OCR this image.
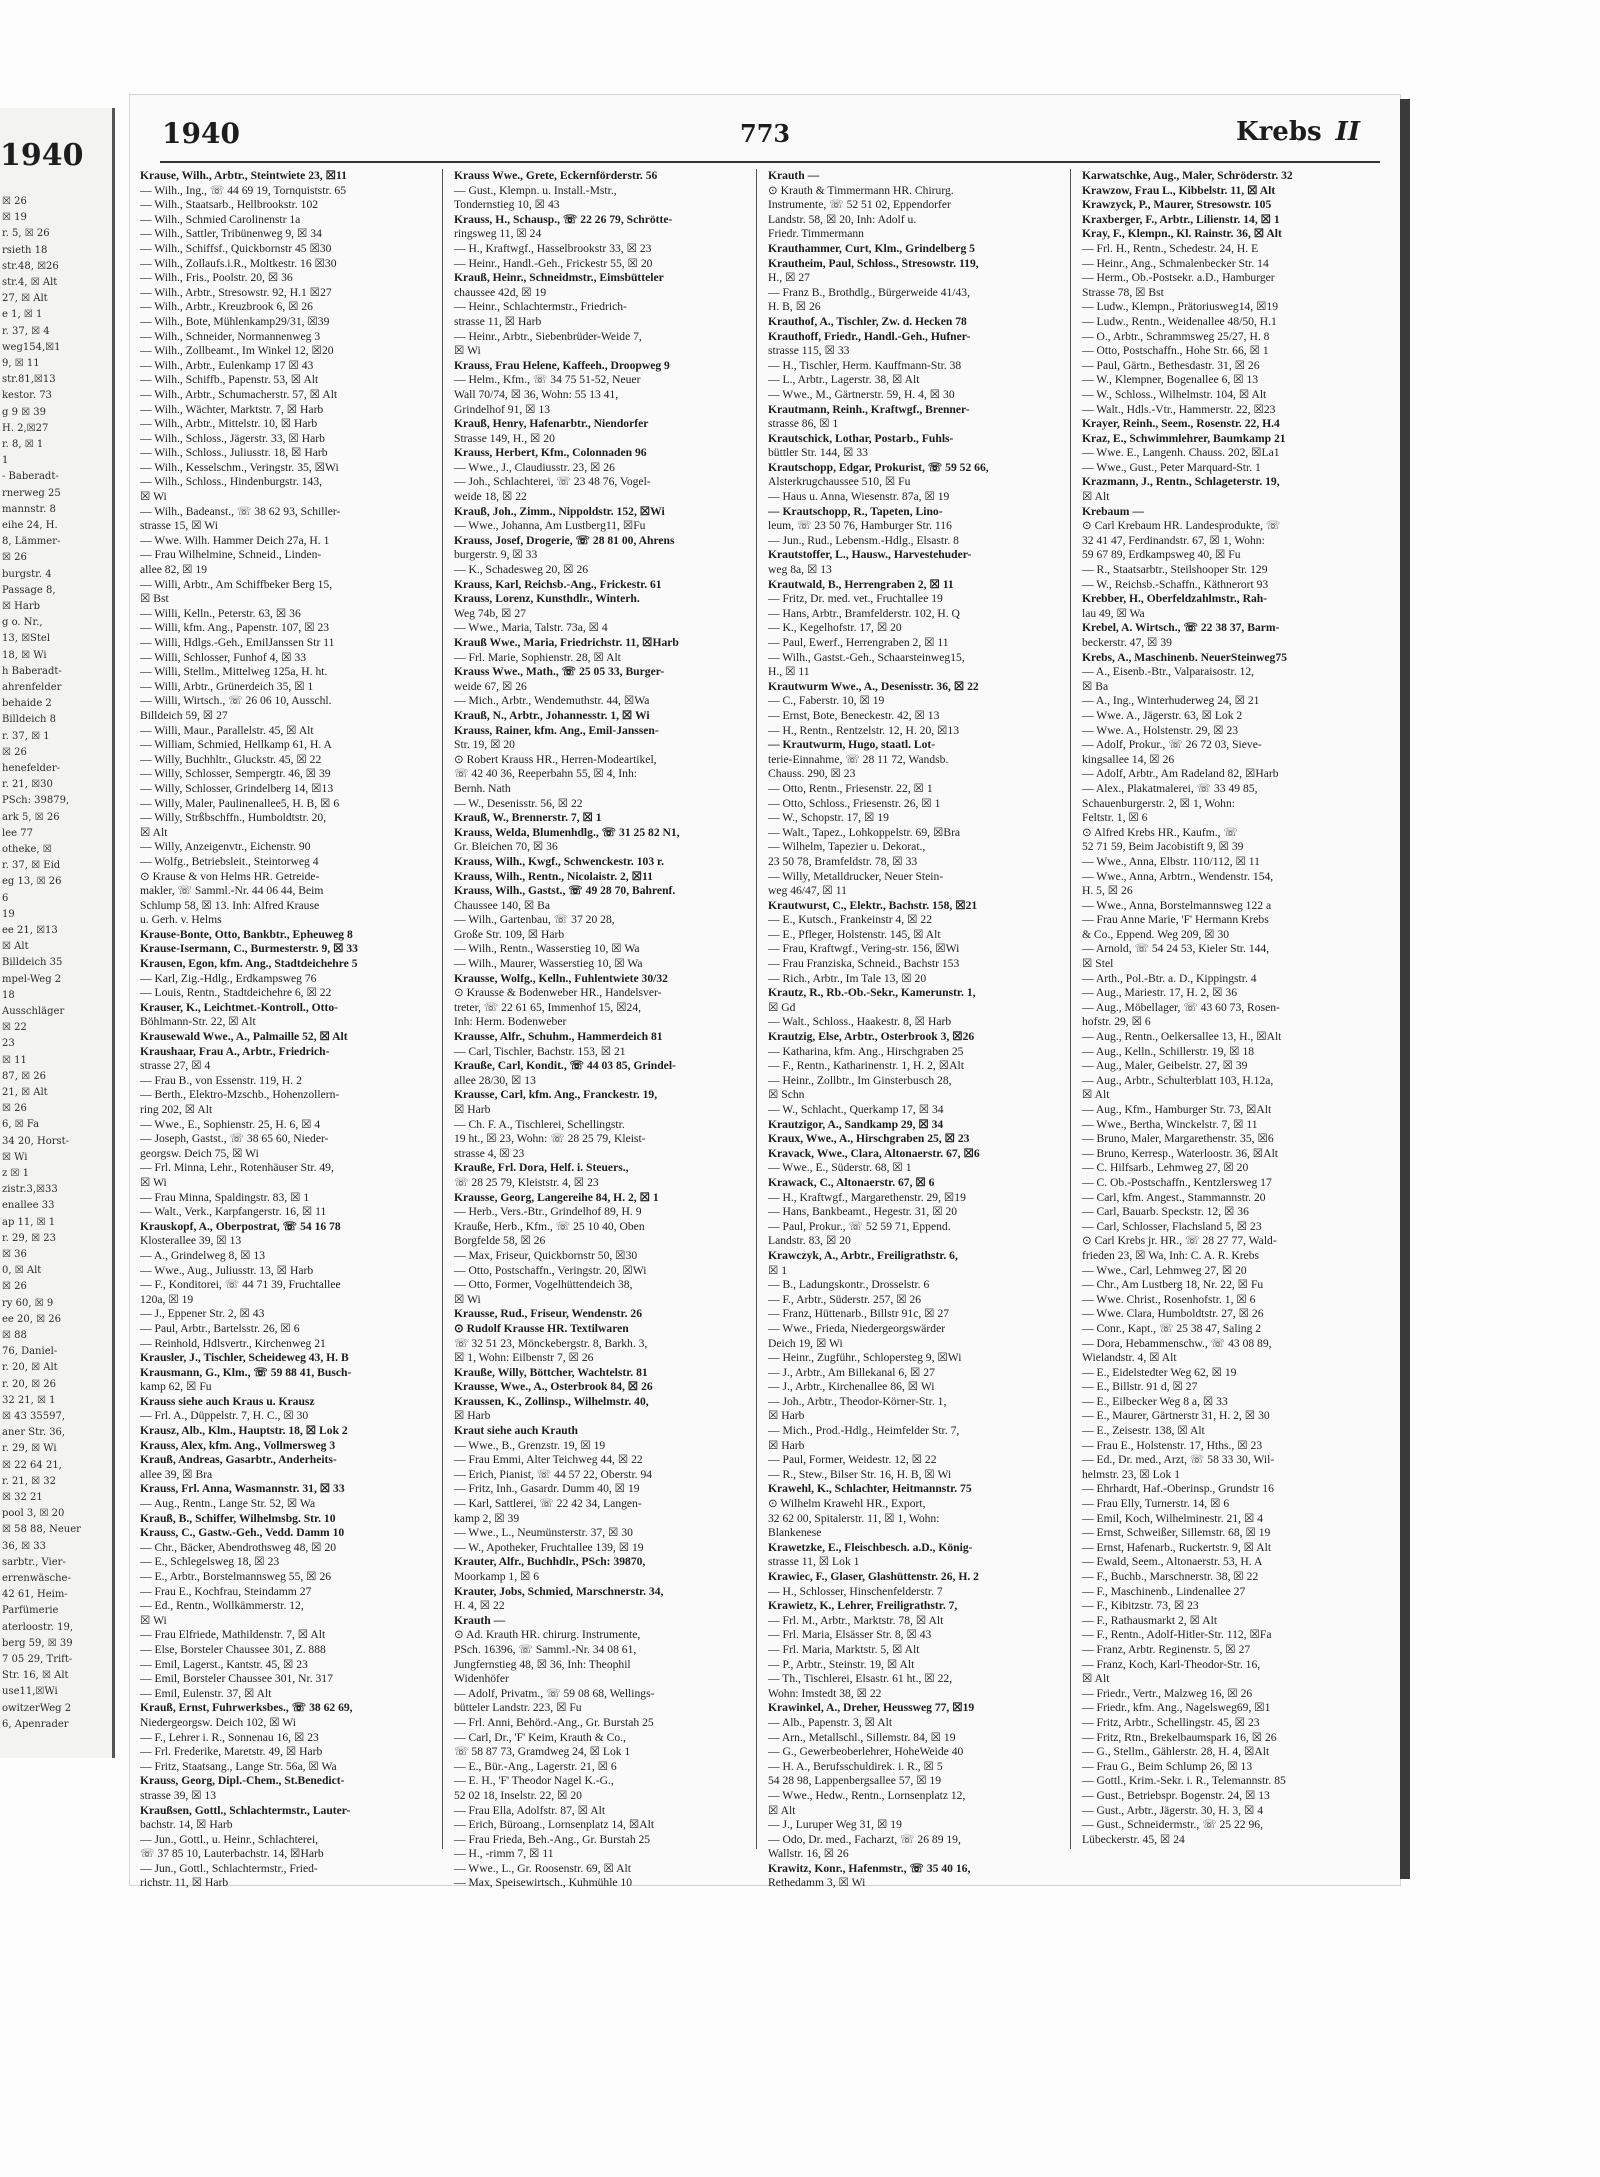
1940
☒ 26
☒ 19
r. 5, ☒ 26
rsieth 18
str.48, ☒26
str.4, ☒ Alt
27, ☒ Alt
e 1, ☒ 1
r. 37, ☒ 4
weg154,☒1
9, ☒ 11
str.81,☒13
kestor. 73
g 9 ☒ 39
H. 2,☒27
r. 8, ☒ 1
1
- Baberadt-
rnerweg 25
mannstr. 8
eihe 24, H.
8, Lämmer-
☒ 26
burgstr. 4
Passage 8,
☒ Harb
g o. Nr.,
13, ☒Stel
18, ☒ Wi
h Baberadt-
ahrenfelder
behaide 2
Billdeich 8
r. 37, ☒ 1
☒ 26
henefelder-
r. 21, ☒30
PSch: 39879,
ark 5, ☒ 26
lee 77
otheke, ☒
r. 37, ☒ Eid
eg 13, ☒ 26
6
19
ee 21, ☒13
☒ Alt
Billdeich 35
mpel-Weg 2
18
Ausschläger
☒ 22
23
☒ 11
87, ☒ 26
21, ☒ Alt
☒ 26
6, ☒ Fa
34 20, Horst-
☒ Wi
z ☒ 1
zistr.3,☒33
enallee 33
ap 11, ☒ 1
r. 29, ☒ 23
☒ 36
0, ☒ Alt
☒ 26
ry 60, ☒ 9
ee 20, ☒ 26
☒ 88
76, Daniel-
r. 20, ☒ Alt
r. 20, ☒ 26
32 21, ☒ 1
☒ 43 35597,
aner Str. 36,
r. 29, ☒ Wi
☒ 22 64 21,
r. 21, ☒ 32
☒ 32 21
pool 3, ☒ 20
☒ 58 88, Neuer
36, ☒ 33
sarbtr., Vier-
errenwäsche-
42 61, Heim-
Parfümerie
aterloostr. 19,
berg 59, ☒ 39
7 05 29, Trift-
Str. 16, ☒ Alt
use11,☒Wi
owitzerWeg 2
6, Apenrader
1940	773	Krebs II
Krause, Wilh., Arbtr., Steintwiete 23, ☒11
— Wilh., Ing., ☏ 44 69 19, Tornquiststr. 65
— Wilh., Staatsarb., Hellbrookstr. 102
— Wilh., Schmied Carolinenstr 1a
— Wilh., Sattler, Tribünenweg 9, ☒ 34
— Wilh., Schiffsf., Quickbornstr 45 ☒30
— Wilh., Zollaufs.i.R., Moltkestr. 16 ☒30
— Wilh., Fris., Poolstr. 20, ☒ 36
— Wilh., Arbtr., Stresowstr. 92, H.1 ☒27
— Wilh., Arbtr., Kreuzbrook 6, ☒ 26
— Wilh., Bote, Mühlenkamp29/31, ☒39
— Wilh., Schneider, Normannenweg 3
— Wilh., Zollbeamt., Im Winkel 12, ☒20
— Wilh., Arbtr., Eulenkamp 17 ☒ 43
— Wilh., Schiffb., Papenstr. 53, ☒ Alt
— Wilh., Arbtr., Schumacherstr. 57, ☒ Alt
— Wilh., Wächter, Marktstr. 7, ☒ Harb
— Wilh., Arbtr., Mittelstr. 10, ☒ Harb
— Wilh., Schloss., Jägerstr. 33, ☒ Harb
— Wilh., Schloss., Juliusstr. 18, ☒ Harb
— Wilh., Kesselschm., Veringstr. 35, ☒Wi
— Wilh., Schloss., Hindenburgstr. 143,
☒ Wi
— Wilh., Badeanst., ☏ 38 62 93, Schiller-
strasse 15, ☒ Wi
— Wwe. Wilh. Hammer Deich 27a, H. 1
— Frau Wilhelmine, Schneid., Linden-
allee 82, ☒ 19
— Willi, Arbtr., Am Schiffbeker Berg 15,
☒ Bst
— Willi, Kelln., Peterstr. 63, ☒ 36
— Willi, kfm. Ang., Papenstr. 107, ☒ 23
— Willi, Hdlgs.-Geh., EmilJanssen Str 11
— Willi, Schlosser, Funhof 4, ☒ 33
— Willi, Stellm., Mittelweg 125a, H. ht.
— Willi, Arbtr., Grünerdeich 35, ☒ 1
— Willi, Wirtsch., ☏ 26 06 10, Ausschl.
Billdeich 59, ☒ 27
— Willi, Maur., Parallelstr. 45, ☒ Alt
— William, Schmied, Hellkamp 61, H. A
— Willy, Buchhltr., Gluckstr. 45, ☒ 22
— Willy, Schlosser, Sempergtr. 46, ☒ 39
— Willy, Schlosser, Grindelberg 14, ☒13
— Willy, Maler, Paulinenallee5, H. B, ☒ 6
— Willy, Strßbschffn., Humboldtstr. 20,
☒ Alt
— Willy, Anzeigenvtr., Eichenstr. 90
— Wolfg., Betriebsleit., Steintorweg 4
⊙ Krause & von Helms HR. Getreide-
makler, ☏ Samml.-Nr. 44 06 44, Beim
Schlump 58, ☒ 13. Inh: Alfred Krause
u. Gerh. v. Helms
Krause-Bonte, Otto, Bankbtr., Epheuweg 8
Krause-Isermann, C., Burmesterstr. 9, ☒ 33
Krausen, Egon, kfm. Ang., Stadtdeichehre 5
— Karl, Zig.-Hdlg., Erdkampsweg 76
— Louis, Rentn., Stadtdeichehre 6, ☒ 22
Krauser, K., Leichtmet.-Kontroll., Otto-
Böhlmann-Str. 22, ☒ Alt
Krausewald Wwe., A., Palmaille 52, ☒ Alt
Kraushaar, Frau A., Arbtr., Friedrich-
strasse 27, ☒ 4
— Frau B., von Essenstr. 119, H. 2
— Berth., Elektro-Mzschb., Hohenzollern-
ring 202, ☒ Alt
— Wwe., E., Sophienstr. 25, H. 6, ☒ 4
— Joseph, Gastst., ☏ 38 65 60, Nieder-
georgsw. Deich 75, ☒ Wi
— Frl. Minna, Lehr., Rotenhäuser Str. 49,
☒ Wi
— Frau Minna, Spaldingstr. 83, ☒ 1
— Walt., Verk., Karpfangerstr. 16, ☒ 11
Krauskopf, A., Oberpostrat, ☏ 54 16 78
Klosterallee 39, ☒ 13
— A., Grindelweg 8, ☒ 13
— Wwe., Aug., Juliusstr. 13, ☒ Harb
— F., Konditorei, ☏ 44 71 39, Fruchtallee
120a, ☒ 19
— J., Eppener Str. 2, ☒ 43
— Paul, Arbtr., Bartelsstr. 26, ☒ 6
— Reinhold, Hdlsvertr., Kirchenweg 21
Krausler, J., Tischler, Scheideweg 43, H. B
Krausmann, G., Klm., ☏ 59 88 41, Busch-
kamp 62, ☒ Fu
Krauss siehe auch Kraus u. Krausz
— Frl. A., Düppelstr. 7, H. C., ☒ 30
Krausz, Alb., Klm., Hauptstr. 18, ☒ Lok 2
Krauss, Alex, kfm. Ang., Vollmersweg 3
Krauß, Andreas, Gasarbtr., Anderheits-
allee 39, ☒ Bra
Krauss, Frl. Anna, Wasmannstr. 31, ☒ 33
— Aug., Rentn., Lange Str. 52, ☒ Wa
Krauß, B., Schiffer, Wilhelmsbg. Str. 10
Krauss, C., Gastw.-Geh., Vedd. Damm 10
— Chr., Bäcker, Abendrothsweg 48, ☒ 20
— E., Schlegelsweg 18, ☒ 23
— E., Arbtr., Borstelmannsweg 55, ☒ 26
— Frau E., Kochfrau, Steindamm 27
— Ed., Rentn., Wollkämmerstr. 12,
☒ Wi
— Frau Elfriede, Mathildenstr. 7, ☒ Alt
— Else, Borsteler Chaussee 301, Z. 888
— Emil, Lagerst., Kantstr. 45, ☒ 23
— Emil, Borsteler Chaussee 301, Nr. 317
— Emil, Eulenstr. 37, ☒ Alt
Krauß, Ernst, Fuhrwerksbes., ☏ 38 62 69,
Niedergeorgsw. Deich 102, ☒ Wi
— F., Lehrer i. R., Sonnenau 16, ☒ 23
— Frl. Frederike, Maretstr. 49, ☒ Harb
— Fritz, Staatsang., Lange Str. 56a, ☒ Wa
Krauss, Georg, Dipl.-Chem., St.Benedict-
strasse 39, ☒ 13
Kraußsen, Gottl., Schlachtermstr., Lauter-
bachstr. 14, ☒ Harb
— Jun., Gottl., u. Heinr., Schlachterei,
☏ 37 85 10, Lauterbachstr. 14, ☒Harb
— Jun., Gottl., Schlachtermstr., Fried-
richstr. 11, ☒ Harb
Krauss Wwe., Grete, Eckernförderstr. 56
— Gust., Klempn. u. Install.-Mstr.,
Tondernstieg 10, ☒ 43
Krauss, H., Schausp., ☏ 22 26 79, Schrötte-
ringsweg 11, ☒ 24
— H., Kraftwgf., Hasselbrookstr 33, ☒ 23
— Heinr., Handl.-Geh., Frickestr 55, ☒ 20
Krauß, Heinr., Schneidmstr., Eimsbütteler
chaussee 42d, ☒ 19
— Heinr., Schlachtermstr., Friedrich-
strasse 11, ☒ Harb
— Heinr., Arbtr., Siebenbrüder-Weide 7,
☒ Wi
Krauss, Frau Helene, Kaffeeh., Droopweg 9
— Helm., Kfm., ☏ 34 75 51-52, Neuer
Wall 70/74, ☒ 36, Wohn: 55 13 41,
Grindelhof 91, ☒ 13
Krauß, Henry, Hafenarbtr., Niendorfer
Strasse 149, H., ☒ 20
Krauss, Herbert, Kfm., Colonnaden 96
— Wwe., J., Claudiusstr. 23, ☒ 26
— Joh., Schlachterei, ☏ 23 48 76, Vogel-
weide 18, ☒ 22
Krauß, Joh., Zimm., Nippoldstr. 152, ☒Wi
— Wwe., Johanna, Am Lustberg11, ☒Fu
Krauss, Josef, Drogerie, ☏ 28 81 00, Ahrens
burgerstr. 9, ☒ 33
— K., Schadesweg 20, ☒ 26
Krauss, Karl, Reichsb.-Ang., Frickestr. 61
Krauss, Lorenz, Kunsthdlr., Winterh.
Weg 74b, ☒ 27
— Wwe., Maria, Talstr. 73a, ☒ 4
Krauß Wwe., Maria, Friedrichstr. 11, ☒Harb
— Frl. Marie, Sophienstr. 28, ☒ Alt
Krauss Wwe., Math., ☏ 25 05 33, Burger-
weide 67, ☒ 26
— Mich., Arbtr., Wendemuthstr. 44, ☒Wa
Krauß, N., Arbtr., Johannesstr. 1, ☒ Wi
Krauss, Rainer, kfm. Ang., Emil-Janssen-
Str. 19, ☒ 20
⊙ Robert Krauss HR., Herren-Modeartikel,
☏ 42 40 36, Reeperbahn 55, ☒ 4, Inh:
Bernh. Nath
— W., Desenisstr. 56, ☒ 22
Krauß, W., Brennerstr. 7, ☒ 1
Krauss, Welda, Blumenhdlg., ☏ 31 25 82 N1,
Gr. Bleichen 70, ☒ 36
Krauss, Wilh., Kwgf., Schwenckestr. 103 r.
Krauss, Wilh., Rentn., Nicolaistr. 2, ☒11
Krauss, Wilh., Gastst., ☏ 49 28 70, Bahrenf.
Chaussee 140, ☒ Ba
— Wilh., Gartenbau, ☏ 37 20 28,
Große Str. 109, ☒ Harb
— Wilh., Rentn., Wasserstieg 10, ☒ Wa
— Wilh., Maurer, Wasserstieg 10, ☒ Wa
Krausse, Wolfg., Kelln., Fuhlentwiete 30/32
⊙ Krausse & Bodenweber HR., Handelsver-
treter, ☏ 22 61 65, Immenhof 15, ☒24,
Inh: Herm. Bodenweber
Krausse, Alfr., Schuhm., Hammerdeich 81
— Carl, Tischler, Bachstr. 153, ☒ 21
Krauße, Carl, Kondit., ☏ 44 03 85, Grindel-
allee 28/30, ☒ 13
Krausse, Carl, kfm. Ang., Franckestr. 19,
☒ Harb
— Ch. F. A., Tischlerei, Schellingstr.
19 ht., ☒ 23, Wohn: ☏ 28 25 79, Kleist-
strasse 4, ☒ 23
Krauße, Frl. Dora, Helf. i. Steuers.,
☏ 28 25 79, Kleiststr. 4, ☒ 23
Krausse, Georg, Langereihe 84, H. 2, ☒ 1
— Herb., Vers.-Btr., Grindelhof 89, H. 9
Krauße, Herb., Kfm., ☏ 25 10 40, Oben
Borgfelde 58, ☒ 26
— Max, Friseur, Quickbornstr 50, ☒30
— Otto, Postschaffn., Veringstr. 20, ☒Wi
— Otto, Former, Vogelhüttendeich 38,
☒ Wi
Krausse, Rud., Friseur, Wendenstr. 26
⊙ Rudolf Krausse HR. Textilwaren
☏ 32 51 23, Mönckebergstr. 8, Barkh. 3,
☒ 1, Wohn: Eilbenstr 7, ☒ 26
Krauße, Willy, Böttcher, Wachtelstr. 81
Krausse, Wwe., A., Osterbrook 84, ☒ 26
Kraussen, K., Zollinsp., Wilhelmstr. 40,
☒ Harb
Kraut siehe auch Krauth
— Wwe., B., Grenzstr. 19, ☒ 19
— Frau Emmi, Alter Teichweg 44, ☒ 22
— Erich, Pianist, ☏ 44 57 22, Oberstr. 94
— Fritz, Inh., Gasardr. Dumm 40, ☒ 19
— Karl, Sattlerei, ☏ 22 42 34, Langen-
kamp 2, ☒ 39
— Wwe., L., Neumünsterstr. 37, ☒ 30
— W., Apotheker, Fruchtallee 139, ☒ 19
Krauter, Alfr., Buchhdlr., PSch: 39870,
Moorkamp 1, ☒ 6
Krauter, Jobs, Schmied, Marschnerstr. 34,
H. 4, ☒ 22
Krauth —
⊙ Ad. Krauth HR. chirurg. Instrumente,
PSch. 16396, ☏ Samml.-Nr. 34 08 61,
Jungfernstieg 48, ☒ 36, Inh: Theophil
Widenhöfer
— Adolf, Privatm., ☏ 59 08 68, Wellings-
bütteler Landstr. 223, ☒ Fu
— Frl. Anni, Behörd.-Ang., Gr. Burstah 25
— Carl, Dr., 'F' Keim, Krauth & Co.,
☏ 58 87 73, Gramdweg 24, ☒ Lok 1
— E., Bür.-Ang., Lagerstr. 21, ☒ 6
— E. H., 'F' Theodor Nagel K.-G.,
52 02 18, Inselstr. 22, ☒ 20
— Frau Ella, Adolfstr. 87, ☒ Alt
— Erich, Büroang., Lornsenplatz 14, ☒Alt
— Frau Frieda, Beh.-Ang., Gr. Burstah 25
— H., -rimm 7, ☒ 11
— Wwe., L., Gr. Roosenstr. 69, ☒ Alt
— Max, Speisewirtsch., Kuhmühle 10
Krauth —
⊙ Krauth & Timmermann HR. Chirurg.
Instrumente, ☏ 52 51 02, Eppendorfer
Landstr. 58, ☒ 20, Inh: Adolf u.
Friedr. Timmermann
Krauthammer, Curt, Klm., Grindelberg 5
Krautheim, Paul, Schloss., Stresowstr. 119,
H., ☒ 27
— Franz B., Brothdlg., Bürgerweide 41/43,
H. B, ☒ 26
Krauthof, A., Tischler, Zw. d. Hecken 78
Krauthoff, Friedr., Handl.-Geh., Hufner-
strasse 115, ☒ 33
— H., Tischler, Herm. Kauffmann-Str. 38
— L., Arbtr., Lagerstr. 38, ☒ Alt
— Wwe., M., Gärtnerstr. 59, H. 4, ☒ 30
Krautmann, Reinh., Kraftwgf., Brenner-
strasse 86, ☒ 1
Krautschick, Lothar, Postarb., Fuhls-
büttler Str. 144, ☒ 33
Krautschopp, Edgar, Prokurist, ☏ 59 52 66,
Alsterkrugchaussee 510, ☒ Fu
— Haus u. Anna, Wiesenstr. 87a, ☒ 19
— Krautschopp, R., Tapeten, Lino-
leum, ☏ 23 50 76, Hamburger Str. 116
— Jun., Rud., Lebensm.-Hdlg., Elsastr. 8
Krautstoffer, L., Hausw., Harvestehuder-
weg 8a, ☒ 13
Krautwald, B., Herrengraben 2, ☒ 11
— Fritz, Dr. med. vet., Fruchtallee 19
— Hans, Arbtr., Bramfelderstr. 102, H. Q
— K., Kegelhofstr. 17, ☒ 20
— Paul, Ewerf., Herrengraben 2, ☒ 11
— Wilh., Gastst.-Geh., Schaarsteinweg15,
H., ☒ 11
Krautwurm Wwe., A., Desenisstr. 36, ☒ 22
— C., Faberstr. 10, ☒ 19
— Ernst, Bote, Beneckestr. 42, ☒ 13
— H., Rentn., Rentzelstr. 12, H. 20, ☒13
— Krautwurm, Hugo, staatl. Lot-
terie-Einnahme, ☏ 28 11 72, Wandsb.
Chauss. 290, ☒ 23
— Otto, Rentn., Friesenstr. 22, ☒ 1
— Otto, Schloss., Friesenstr. 26, ☒ 1
— W., Schopstr. 17, ☒ 19
— Walt., Tapez., Lohkoppelstr. 69, ☒Bra
— Wilhelm, Tapezier u. Dekorat.,
23 50 78, Bramfeldstr. 78, ☒ 33
— Willy, Metalldrucker, Neuer Stein-
weg 46/47, ☒ 11
Krautwurst, C., Elektr., Bachstr. 158, ☒21
— E., Kutsch., Frankeinstr 4, ☒ 22
— E., Pfleger, Holstenstr. 145, ☒ Alt
— Frau, Kraftwgf., Vering-str. 156, ☒Wi
— Frau Franziska, Schneid., Bachstr 153
— Rich., Arbtr., Im Tale 13, ☒ 20
Krautz, R., Rb.-Ob.-Sekr., Kamerunstr. 1,
☒ Gd
— Walt., Schloss., Haakestr. 8, ☒ Harb
Krautzig, Else, Arbtr., Osterbrook 3, ☒26
— Katharina, kfm. Ang., Hirschgraben 25
— F., Rentn., Katharinenstr. 1, H. 2, ☒Alt
— Heinr., Zollbtr., Im Ginsterbusch 28,
☒ Schn
— W., Schlacht., Querkamp 17, ☒ 34
Krautzigor, A., Sandkamp 29, ☒ 34
Kraux, Wwe., A., Hirschgraben 25, ☒ 23
Kravack, Wwe., Clara, Altonaerstr. 67, ☒6
— Wwe., E., Süderstr. 68, ☒ 1
Krawack, C., Altonaerstr. 67, ☒ 6
— H., Kraftwgf., Margarethenstr. 29, ☒19
— Hans, Bankbeamt., Hegestr. 31, ☒ 20
— Paul, Prokur., ☏ 52 59 71, Eppend.
Landstr. 83, ☒ 20
Krawczyk, A., Arbtr., Freiligrathstr. 6,
☒ 1
— B., Ladungskontr., Drosselstr. 6
— F., Arbtr., Süderstr. 257, ☒ 26
— Franz, Hüttenarb., Billstr 91c, ☒ 27
— Wwe., Frieda, Niedergeorgswärder
Deich 19, ☒ Wi
— Heinr., Zugführ., Schlopersteg 9, ☒Wi
— J., Arbtr., Am Billekanal 6, ☒ 27
— J., Arbtr., Kirchenallee 86, ☒ Wi
— Joh., Arbtr., Theodor-Körner-Str. 1,
☒ Harb
— Mich., Prod.-Hdlg., Heimfelder Str. 7,
☒ Harb
— Paul, Former, Weidestr. 12, ☒ 22
— R., Stew., Bilser Str. 16, H. B, ☒ Wi
Krawehl, K., Schlachter, Heitmannstr. 75
⊙ Wilhelm Krawehl HR., Export,
32 62 00, Spitalerstr. 11, ☒ 1, Wohn:
Blankenese
Krawetzke, E., Fleischbesch. a.D., König-
strasse 11, ☒ Lok 1
Krawiec, F., Glaser, Glashüttenstr. 26, H. 2
— H., Schlosser, Hinschenfelderstr. 7
Krawietz, K., Lehrer, Freiligrathstr. 7,
— Frl. M., Arbtr., Marktstr. 78, ☒ Alt
— Frl. Maria, Elsässer Str. 8, ☒ 43
— Frl. Maria, Marktstr. 5, ☒ Alt
— P., Arbtr., Steinstr. 19, ☒ Alt
— Th., Tischlerei, Elsastr. 61 ht., ☒ 22,
Wohn: Imstedt 38, ☒ 22
Krawinkel, A., Dreher, Heussweg 77, ☒19
— Alb., Papenstr. 3, ☒ Alt
— Arn., Metallschl., Sillemstr. 84, ☒ 19
— G., Gewerbeoberlehrer, HoheWeide 40
— H. A., Berufsschuldirek. i. R., ☒ 5
54 28 98, Lappenbergsallee 57, ☒ 19
— Wwe., Hedw., Rentn., Lornsenplatz 12,
☒ Alt
— J., Luruper Weg 31, ☒ 19
— Odo, Dr. med., Facharzt, ☏ 26 89 19,
Wallstr. 16, ☒ 26
Krawitz, Konr., Hafenmstr., ☏ 35 40 16,
Rethedamm 3, ☒ Wi
Karwatschke, Aug., Maler, Schröderstr. 32
Krawzow, Frau L., Kibbelstr. 11, ☒ Alt
Krawzyck, P., Maurer, Stresowstr. 105
Kraxberger, F., Arbtr., Lilienstr. 14, ☒ 1
Kray, F., Klempn., Kl. Rainstr. 36, ☒ Alt
— Frl. H., Rentn., Schedestr. 24, H. E
— Heinr., Ang., Schmalenbecker Str. 14
— Herm., Ob.-Postsekr. a.D., Hamburger
Strasse 78, ☒ Bst
— Ludw., Klempn., Prätoriusweg14, ☒19
— Ludw., Rentn., Weidenallee 48/50, H.1
— O., Arbtr., Schrammsweg 25/27, H. 8
— Otto, Postschaffn., Hohe Str. 66, ☒ 1
— Paul, Gärtn., Bethesdastr. 31, ☒ 26
— W., Klempner, Bogenallee 6, ☒ 13
— W., Schloss., Wilhelmstr. 104, ☒ Alt
— Walt., Hdls.-Vtr., Hammerstr. 22, ☒23
Krayer, Reinh., Seem., Rosenstr. 22, H.4
Kraz, E., Schwimmlehrer, Baumkamp 21
— Wwe. E., Langenh. Chauss. 202, ☒La1
— Wwe., Gust., Peter Marquard-Str. 1
Krazmann, J., Rentn., Schlageterstr. 19,
☒ Alt
Krebaum —
⊙ Carl Krebaum HR. Landesprodukte, ☏
32 41 47, Ferdinandstr. 67, ☒ 1, Wohn:
59 67 89, Erdkampsweg 40, ☒ Fu
— R., Staatsarbtr., Steilshooper Str. 129
— W., Reichsb.-Schaffn., Käthnerort 93
Krebber, H., Oberfeldzahlmstr., Rah-
lau 49, ☒ Wa
Krebel, A. Wirtsch., ☏ 22 38 37, Barm-
beckerstr. 47, ☒ 39
Krebs, A., Maschinenb. NeuerSteinweg75
— A., Eisenb.-Btr., Valparaisostr. 12,
☒ Ba
— A., Ing., Winterhuderweg 24, ☒ 21
— Wwe. A., Jägerstr. 63, ☒ Lok 2
— Wwe. A., Holstenstr. 29, ☒ 23
— Adolf, Prokur., ☏ 26 72 03, Sieve-
kingsallee 14, ☒ 26
— Adolf, Arbtr., Am Radeland 82, ☒Harb
— Alex., Plakatmalerei, ☏ 33 49 85,
Schauenburgerstr. 2, ☒ 1, Wohn:
Feltstr. 1, ☒ 6
⊙ Alfred Krebs HR., Kaufm., ☏
52 71 59, Beim Jacobistift 9, ☒ 39
— Wwe., Anna, Elbstr. 110/112, ☒ 11
— Wwe., Anna, Arbtrn., Wendenstr. 154,
H. 5, ☒ 26
— Wwe., Anna, Borstelmannsweg 122 a
— Frau Anne Marie, 'F' Hermann Krebs
& Co., Eppend. Weg 209, ☒ 30
— Arnold, ☏ 54 24 53, Kieler Str. 144,
☒ Stel
— Arth., Pol.-Btr. a. D., Kippingstr. 4
— Aug., Mariestr. 17, H. 2, ☒ 36
— Aug., Möbellager, ☏ 43 60 73, Rosen-
hofstr. 29, ☒ 6
— Aug., Rentn., Oelkersallee 13, H., ☒Alt
— Aug., Kelln., Schillerstr. 19, ☒ 18
— Aug., Maler, Geibelstr. 27, ☒ 39
— Aug., Arbtr., Schulterblatt 103, H.12a,
☒ Alt
— Aug., Kfm., Hamburger Str. 73, ☒Alt
— Wwe., Bertha, Winckelstr. 7, ☒ 11
— Bruno, Maler, Margarethenstr. 35, ☒6
— Bruno, Kerresp., Waterloostr. 36, ☒Alt
— C. Hilfsarb., Lehmweg 27, ☒ 20
— C. Ob.-Postschaffn., Kentzlersweg 17
— Carl, kfm. Angest., Stammannstr. 20
— Carl, Bauarb. Speckstr. 12, ☒ 36
— Carl, Schlosser, Flachsland 5, ☒ 23
⊙ Carl Krebs jr. HR., ☏ 28 27 77, Wald-
frieden 23, ☒ Wa, Inh: C. A. R. Krebs
— Wwe., Carl, Lehmweg 27, ☒ 20
— Chr., Am Lustberg 18, Nr. 22, ☒ Fu
— Wwe. Christ., Rosenhofstr. 1, ☒ 6
— Wwe. Clara, Humboldtstr. 27, ☒ 26
— Conr., Kapt., ☏ 25 38 47, Saling 2
— Dora, Hebammenschw., ☏ 43 08 89,
Wielandstr. 4, ☒ Alt
— E., Eidelstedter Weg 62, ☒ 19
— E., Billstr. 91 d, ☒ 27
— E., Eilbecker Weg 8 a, ☒ 33
— E., Maurer, Gärtnerstr 31, H. 2, ☒ 30
— E., Zeisestr. 138, ☒ Alt
— Frau E., Holstenstr. 17, Hths., ☒ 23
— Ed., Dr. med., Arzt, ☏ 58 33 30, Wil-
helmstr. 23, ☒ Lok 1
— Ehrhardt, Haf.-Oberinsp., Grundstr 16
— Frau Elly, Turnerstr. 14, ☒ 6
— Emil, Koch, Wilhelminestr. 21, ☒ 4
— Ernst, Schweißer, Sillemstr. 68, ☒ 19
— Ernst, Hafenarb., Ruckertstr. 9, ☒ Alt
— Ewald, Seem., Altonaerstr. 53, H. A
— F., Buchb., Marschnerstr. 38, ☒ 22
— F., Maschinenb., Lindenallee 27
— F., Kibitzstr. 73, ☒ 23
— F., Rathausmarkt 2, ☒ Alt
— F., Rentn., Adolf-Hitler-Str. 112, ☒Fa
— Franz, Arbtr. Reginenstr. 5, ☒ 27
— Franz, Koch, Karl-Theodor-Str. 16,
☒ Alt
— Friedr., Vertr., Malzweg 16, ☒ 26
— Friedr., kfm. Ang., Nagelsweg69, ☒1
— Fritz, Arbtr., Schellingstr. 45, ☒ 23
— Fritz, Rtn., Brekelbaumspark 16, ☒ 26
— G., Stellm., Gählerstr. 28, H. 4, ☒Alt
— Frau G., Beim Schlump 26, ☒ 13
— Gottl., Krim.-Sekr. i. R., Telemannstr. 85
— Gust., Betriebspr. Bogenstr. 24, ☒ 13
— Gust., Arbtr., Jägerstr. 30, H. 3, ☒ 4
— Gust., Schneidermstr., ☏ 25 22 96,
Lübeckerstr. 45, ☒ 24
